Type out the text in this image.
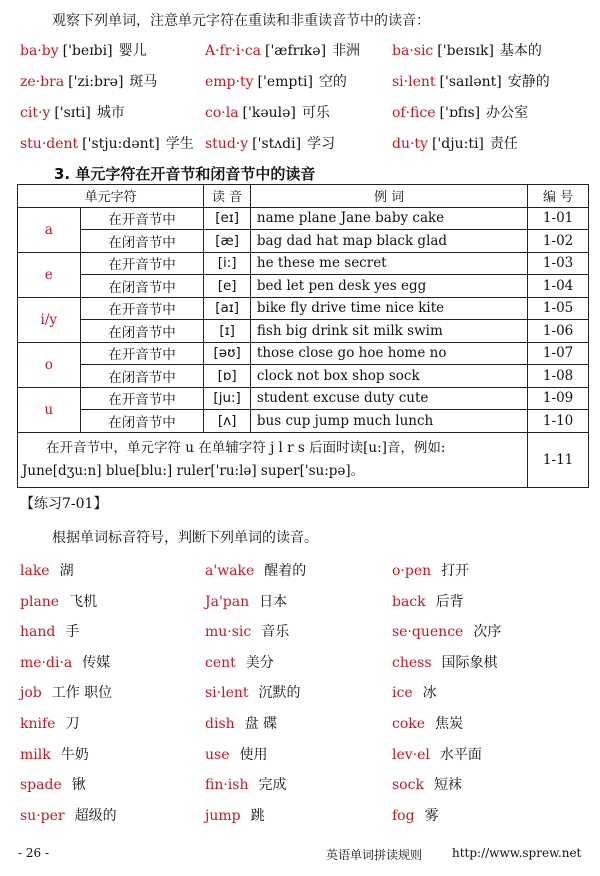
观察下列单词，注意单元字符在重读和非重读音节中的读音：
ba·by ['beɪbi] 婴儿	A·fr·i·ca ['æfrɪkə] 非洲 ba·sic ['beɪsɪk] 基本的
ze·bra ['zi:brə] 斑马	emp·ty ['empti] 空的	si·lent ['saɪlənt] 安静的
cit·y ['sɪti] 城市	co·la ['kəulə] 可乐	of·fice ['ɒfɪs] 办公室
stu·dent ['stju:dənt] 学生 stud·y ['stʌdi] 学习	du·ty ['dju:ti] 责任
3. 单元字符在开音节和闭音节中的读音
单元字符		读 音	例 词	编 号
a	在开音节中	[eɪ]	name plane Jane baby cake	1-01
	在闭音节中	[æ]	bag dad hat map black glad	1-02
e	在开音节中	[i:]	he these me secret	1-03
	在闭音节中	[e]	bed let pen desk yes egg	1-04
i/y	在开音节中	[aɪ]	bike fly drive time nice kite	1-05
	在闭音节中	[ɪ]	fish big drink sit milk swim	1-06
o	在开音节中	[əʊ]	those close go hoe home no	1-07
	在闭音节中	[ɒ]	clock not box shop sock	1-08
u	在开音节中	[ju:]	student excuse duty cute	1-09
	在闭音节中	[ʌ]	bus cup jump much lunch	1-10

在开音节中，单元字符 u 在单辅字符 j l r s 后面时读[u:]音，例如:
June[dʒu:n] blue[blu:] ruler['ru:lə] super['su:pə]。				1-11
【练习7-01】
根据单词标音符号，判断下列单词的读音。
lake 湖	a'wake 醒着的	o·pen 打开
plane 飞机	Ja'pan 日本	back 后背
hand 手	mu·sic 音乐	se·quence 次序
me·di·a 传媒	cent 美分	chess 国际象棋
job 工作 职位	si·lent 沉默的	ice 冰
knife 刀	dish 盘 碟	coke 焦炭
milk 牛奶	use 使用	lev·el 水平面
spade 锹	fin·ish 完成	sock 短袜
su·per 超级的	jump 跳	fog 雾
- 26 -	英语单词拼读规则 http://www.sprew.net
